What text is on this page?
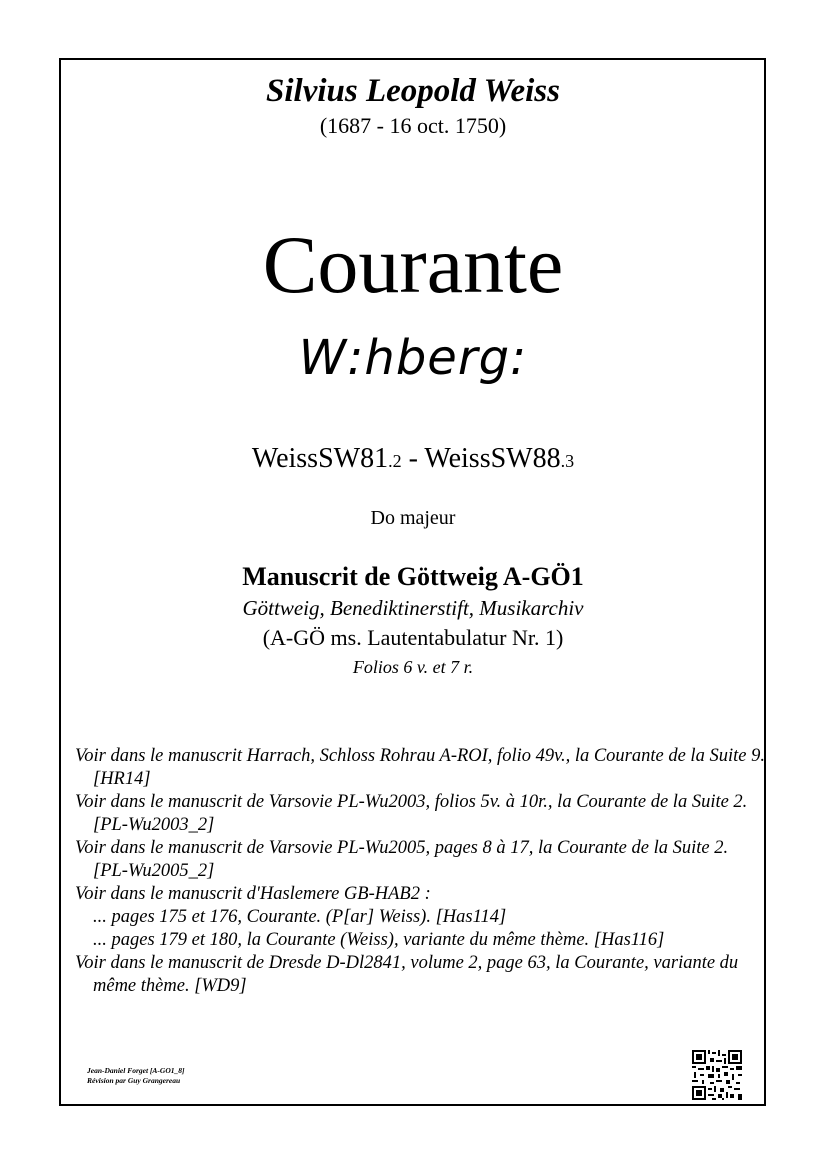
Silvius Leopold Weiss
(1687 - 16 oct. 1750)
Courante
W:hberg:
WeissSW81.2 - WeissSW88.3
Do majeur
Manuscrit de Göttweig A-GÖ1
Göttweig, Benediktinerstift, Musikarchiv
(A-GÖ ms. Lautentabulatur Nr. 1)
Folios 6 v. et 7 r.

Voir dans le manuscrit Harrach, Schloss Rohrau A-ROI, folio 49v., la Courante de la Suite 9. [HR14]

Voir dans le manuscrit de Varsovie PL-Wu2003, folios 5v. à 10r., la Courante de la Suite 2. [PL-Wu2003_2]

Voir dans le manuscrit de Varsovie PL-Wu2005, pages 8 à 17, la Courante de la Suite 2. [PL-Wu2005_2]

Voir dans le manuscrit d'Haslemere GB-HAB2 :

... pages 175 et 176, Courante. (P[ar] Weiss). [Has114]

... pages 179 et 180, la Courante (Weiss), variante du même thème. [Has116]

Voir dans le manuscrit de Dresde D-Dl2841, volume 2, page 63, la Courante, variante du même thème. [WD9]

Jean-Daniel Forget [A-GO1_8]
Révision par Guy Grangereau
